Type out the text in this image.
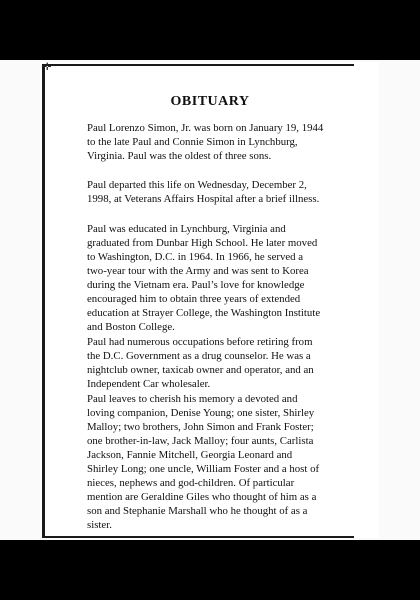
✛
OBITUARY

Paul Lorenzo Simon, Jr. was born on January 19, 1944
to the late Paul and Connie Simon in Lynchburg,
Virginia. Paul was the oldest of three sons.

Paul departed this life on Wednesday, December 2,
1998, at Veterans Affairs Hospital after a brief illness.

Paul was educated in Lynchburg, Virginia and
graduated from Dunbar High School. He later moved
to Washington, D.C. in 1964. In 1966, he served a
two-year tour with the Army and was sent to Korea
during the Vietnam era. Paul’s love for knowledge
encouraged him to obtain three years of extended
education at Strayer College, the Washington Institute
and Boston College.

Paul had numerous occupations before retiring from
the D.C. Government as a drug counselor. He was a
nightclub owner, taxicab owner and operator, and an
Independent Car wholesaler.

Paul leaves to cherish his memory a devoted and
loving companion, Denise Young; one sister, Shirley
Malloy; two brothers, John Simon and Frank Foster;
one brother-in-law, Jack Malloy; four aunts, Carlista
Jackson, Fannie Mitchell, Georgia Leonard and
Shirley Long; one uncle, William Foster and a host of
nieces, nephews and god-children. Of particular
mention are Geraldine Giles who thought of him as a
son and Stephanie Marshall who he thought of as a
sister.
